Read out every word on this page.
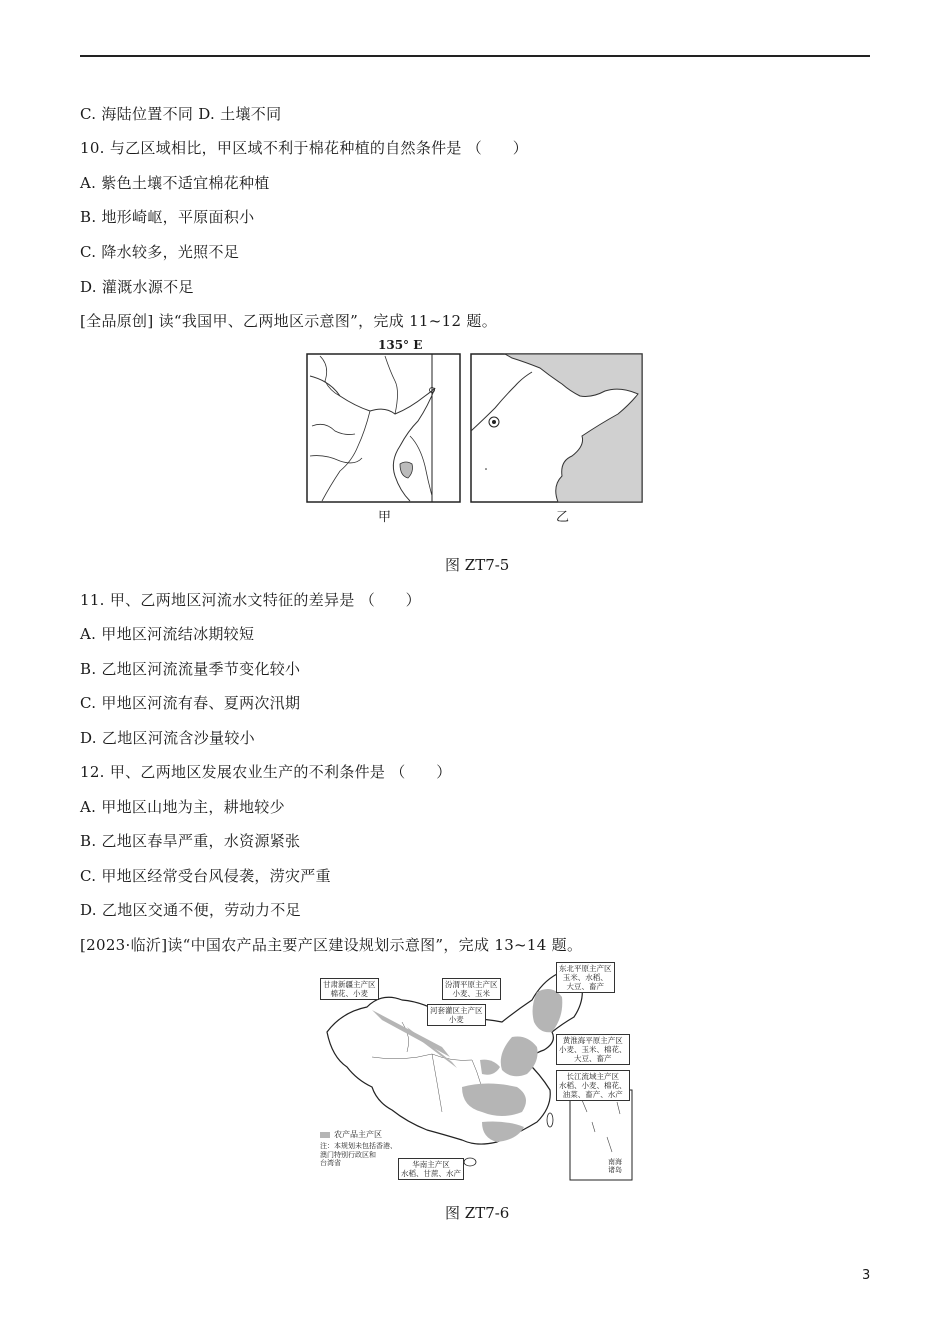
C. 海陆位置不同 D. 土壤不同
10. 与乙区域相比，甲区域不利于棉花种植的自然条件是 （　　）
A. 紫色土壤不适宜棉花种植
B. 地形崎岖，平原面积小
C. 降水较多，光照不足
D. 灌溉水源不足
[全品原创] 读“我国甲、乙两地区示意图”，完成 11~12 题。
135° E
甲	乙
图 ZT7-5
11. 甲、乙两地区河流水文特征的差异是 （　　）
A. 甲地区河流结冰期较短
B. 乙地区河流流量季节变化较小
C. 甲地区河流有春、夏两次汛期
D. 乙地区河流含沙量较小
12. 甲、乙两地区发展农业生产的不利条件是 （　　）
A. 甲地区山地为主，耕地较少
B. 乙地区春旱严重，水资源紧张
C. 甲地区经常受台风侵袭，涝灾严重
D. 乙地区交通不便，劳动力不足
[2023·临沂]读“中国农产品主要产区建设规划示意图”，完成 13~14 题。
甘肃新疆主产区
棉花、小麦
汾渭平原主产区
小麦、玉米
河套灌区主产区
小麦
东北平原主产区
玉米、水稻、
大豆、畜产
黄淮海平原主产区
小麦、玉米、棉花、
大豆、畜产
长江流域主产区
水稻、小麦、棉花、
油菜、畜产、水产
华南主产区
水稻、甘蔗、水产
南海
诸岛
农产品主产区
注：本规划未包括香港、
澳门特别行政区和
台湾省
图 ZT7-6
3
